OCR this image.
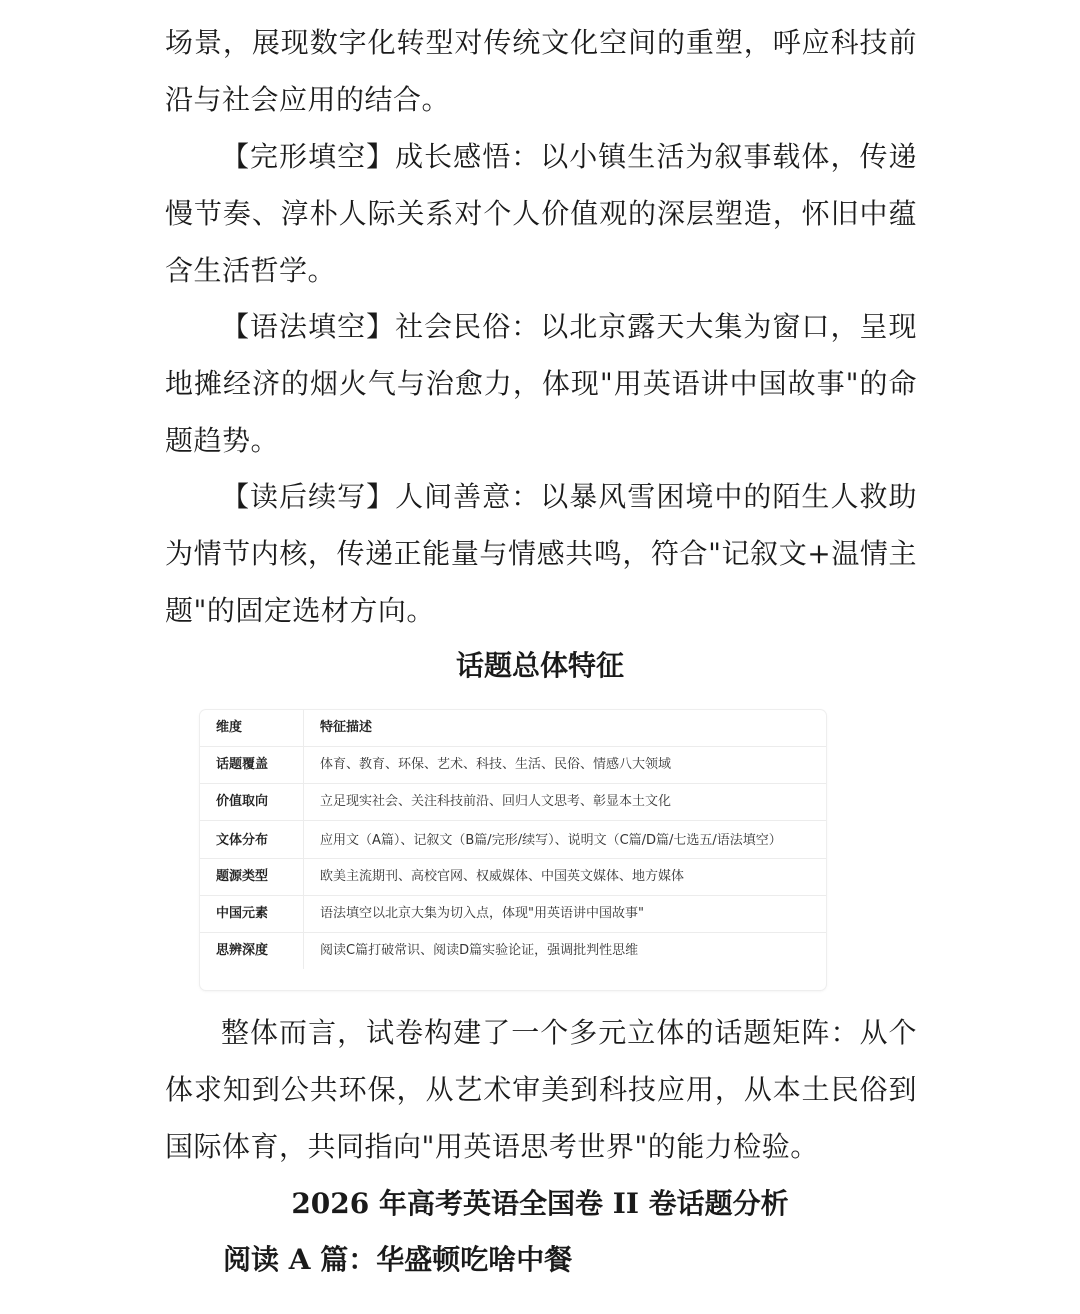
场景，展现数字化转型对传统文化空间的重塑，呼应科技前沿与社会应用的结合。

【完形填空】成长感悟：以小镇生活为叙事载体，传递慢节奏、淳朴人际关系对个人价值观的深层塑造，怀旧中蕴含生活哲学。

【语法填空】社会民俗：以北京露天大集为窗口，呈现地摊经济的烟火气与治愈力，体现"用英语讲中国故事"的命题趋势。

【读后续写】人间善意：以暴风雪困境中的陌生人救助为情节内核，传递正能量与情感共鸣，符合"记叙文+温情主题"的固定选材方向。

话题总体特征
维度	特征描述
话题覆盖	体育、教育、环保、艺术、科技、生活、民俗、情感八大领域
价值取向	立足现实社会、关注科技前沿、回归人文思考、彰显本土文化
文体分布	应用文（A篇）、记叙文（B篇/完形/续写）、说明文（C篇/D篇/七选五/语法填空）
题源类型	欧美主流期刊、高校官网、权威媒体、中国英文媒体、地方媒体
中国元素	语法填空以北京大集为切入点，体现"用英语讲中国故事"
思辨深度	阅读C篇打破常识、阅读D篇实验论证，强调批判性思维

整体而言，试卷构建了一个多元立体的话题矩阵：从个体求知到公共环保，从艺术审美到科技应用，从本土民俗到国际体育，共同指向"用英语思考世界"的能力检验。

2026 年高考英语全国卷 II 卷话题分析
阅读 A 篇：华盛顿吃啥中餐
